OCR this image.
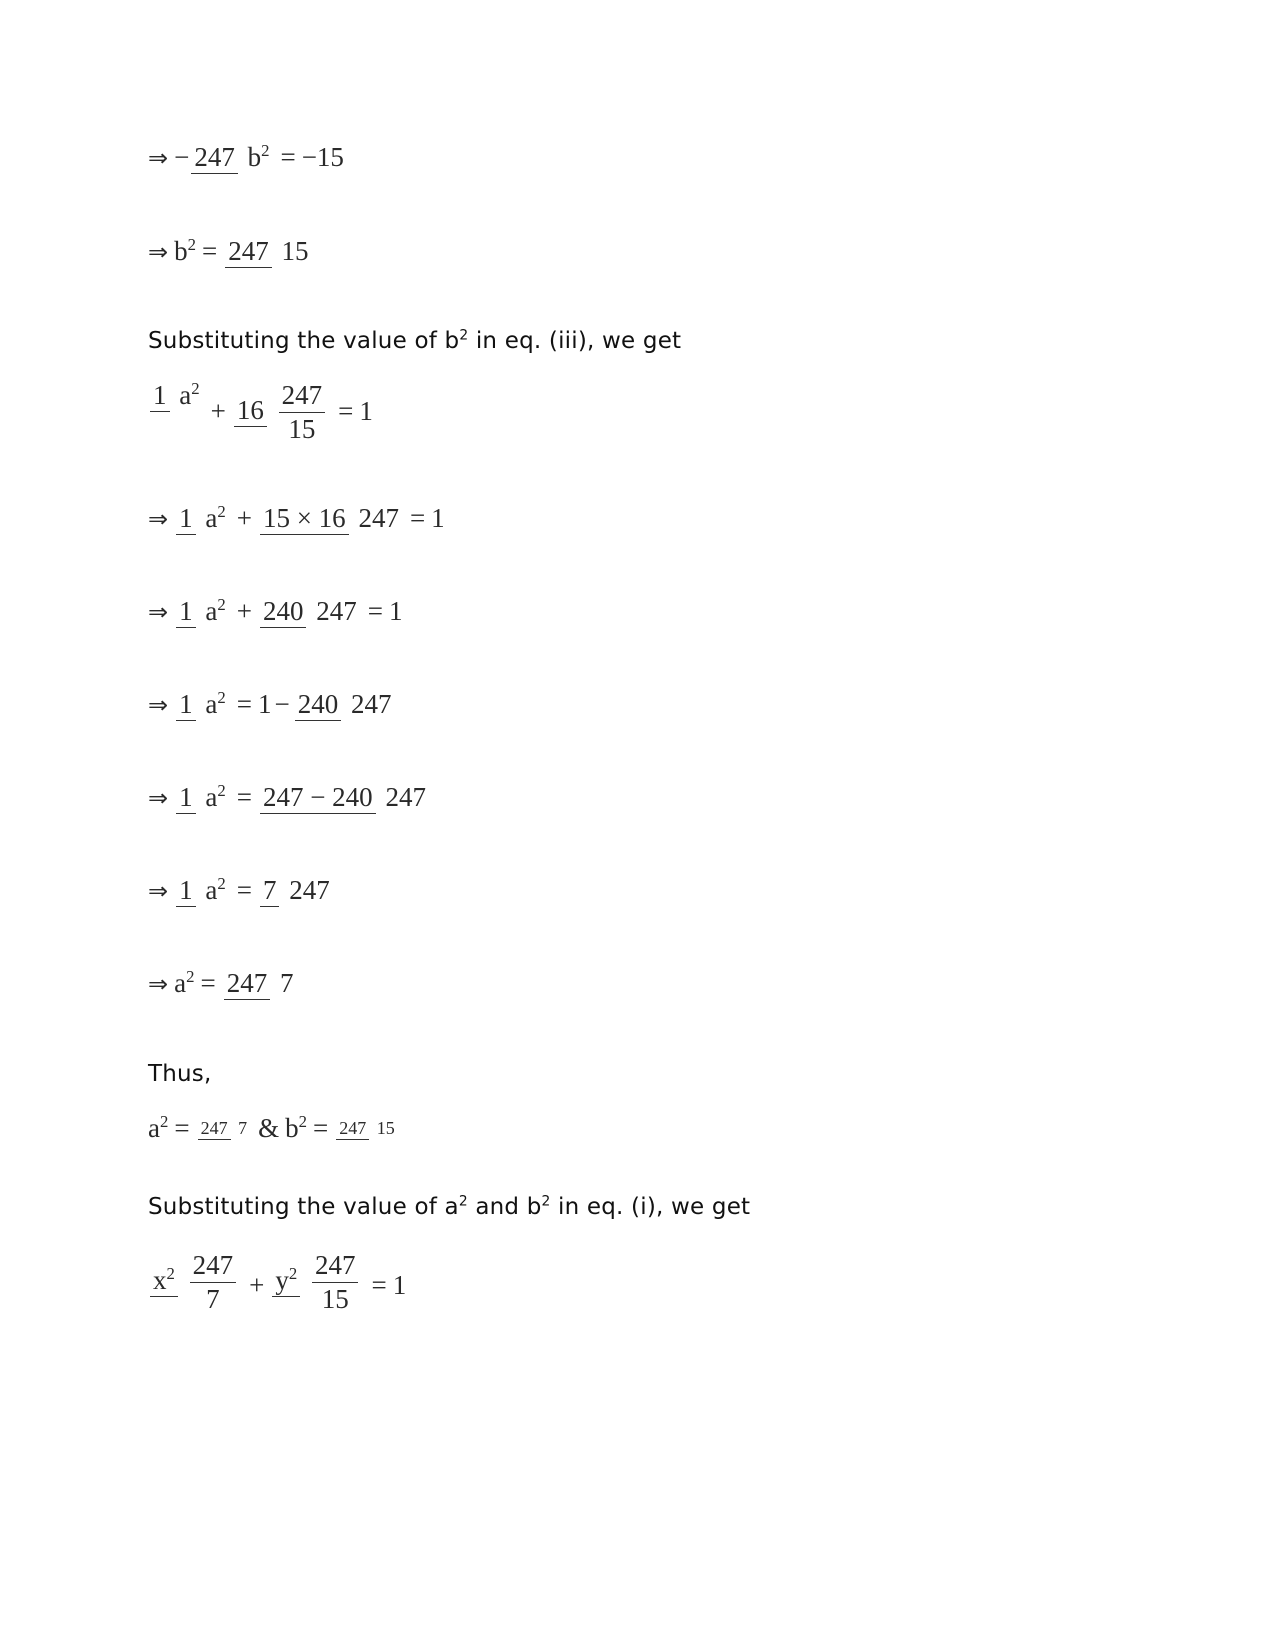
⇒ − 247 $b^2 = -15$
⇒ $b^2 = 247$ 15
Substituting the value of $b^2$ in eq. (iii), we get
1 $a^2$
+ $16 \frac{247}{15} = 1$
⇒ 1 $a^2 + 15 \times 16$ 247 = 1
⇒ 1 $a^2 + 240$ 247 = 1
⇒ 1 $a^2 = 1 - 240$ 247
⇒ 1 $a^2 = 247 - 240$ 247
⇒ 1 $a^2 = 7$ 247
⇒ $a^2 = 247$ 7
Thus,
$a^2 = 247$ 7 & $b^2 = 247$ 15
Substituting the value of $a^2$ and $b^2$ in eq. (i), we get
$x^2 \frac{247}{7} + y^2 \frac{247}{15} = 1$
